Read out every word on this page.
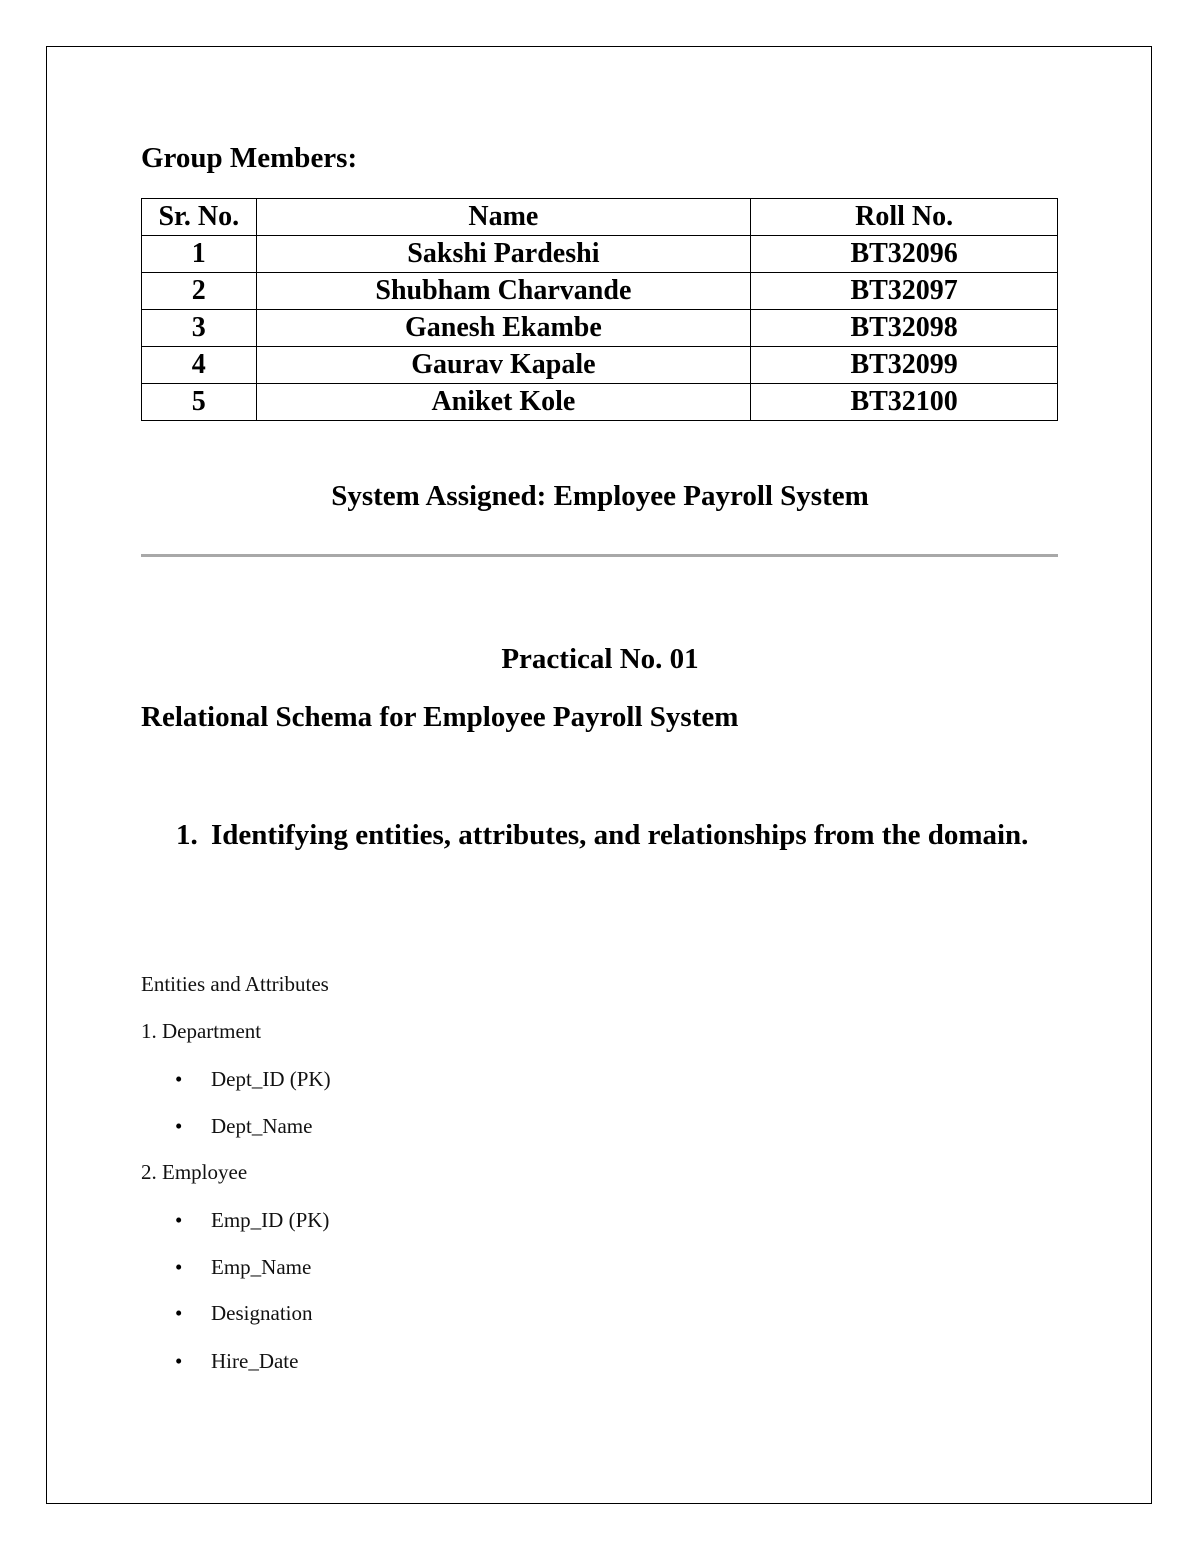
Group Members:
Sr. No.	Name	Roll No.
1	Sakshi Pardeshi	BT32096
2	Shubham Charvande	BT32097
3	Ganesh Ekambe	BT32098
4	Gaurav Kapale	BT32099
5	Aniket Kole	BT32100
System Assigned: Employee Payroll System
Practical No. 01
Relational Schema for Employee Payroll System
1. Identifying entities, attributes, and relationships from the domain.
Entities and Attributes
1. Department
• Dept_ID (PK)
• Dept_Name
2. Employee
• Emp_ID (PK)
• Emp_Name
• Designation
• Hire_Date
